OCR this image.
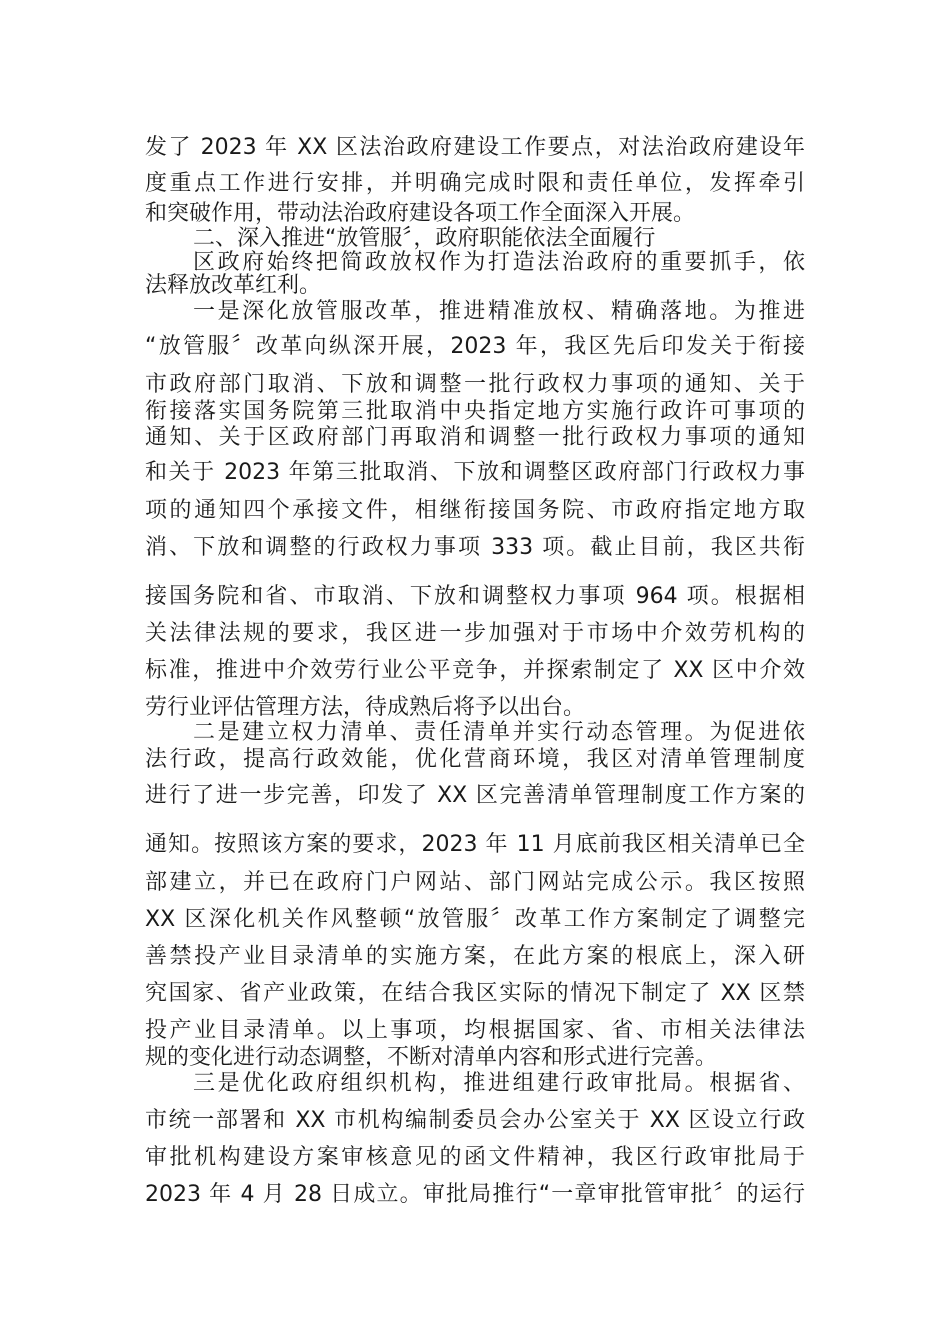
发了 2023 年 XX 区法治政府建设工作要点，对法治政府建设年
度重点工作进行安排，并明确完成时限和责任单位，发挥牵引
和突破作用，带动法治政府建设各项工作全面深入开展。
二、深入推进“放管服〞，政府职能依法全面履行
区政府始终把简政放权作为打造法治政府的重要抓手，依
法释放改革红利。
一是深化放管服改革，推进精准放权、精确落地。为推进
“放管服〞改革向纵深开展，2023 年，我区先后印发关于衔接
市政府部门取消、下放和调整一批行政权力事项的通知、关于
衔接落实国务院第三批取消中央指定地方实施行政许可事项的
通知、关于区政府部门再取消和调整一批行政权力事项的通知
和关于 2023 年第三批取消、下放和调整区政府部门行政权力事
项的通知四个承接文件，相继衔接国务院、市政府指定地方取
消、下放和调整的行政权力事项 333 项。截止目前，我区共衔
接国务院和省、市取消、下放和调整权力事项 964 项。根据相
关法律法规的要求，我区进一步加强对于市场中介效劳机构的
标准，推进中介效劳行业公平竞争，并探索制定了 XX 区中介效
劳行业评估管理方法，待成熟后将予以出台。
二是建立权力清单、责任清单并实行动态管理。为促进依
法行政，提高行政效能，优化营商环境，我区对清单管理制度
进行了进一步完善，印发了 XX 区完善清单管理制度工作方案的
通知。按照该方案的要求，2023 年 11 月底前我区相关清单已全
部建立，并已在政府门户网站、部门网站完成公示。我区按照
XX 区深化机关作风整顿“放管服〞改革工作方案制定了调整完
善禁投产业目录清单的实施方案，在此方案的根底上，深入研
究国家、省产业政策，在结合我区实际的情况下制定了 XX 区禁
投产业目录清单。以上事项，均根据国家、省、市相关法律法
规的变化进行动态调整，不断对清单内容和形式进行完善。
三是优化政府组织机构，推进组建行政审批局。根据省、
市统一部署和 XX 市机构编制委员会办公室关于 XX 区设立行政
审批机构建设方案审核意见的函文件精神，我区行政审批局于
2023 年 4 月 28 日成立。审批局推行“一章审批管审批〞的运行
